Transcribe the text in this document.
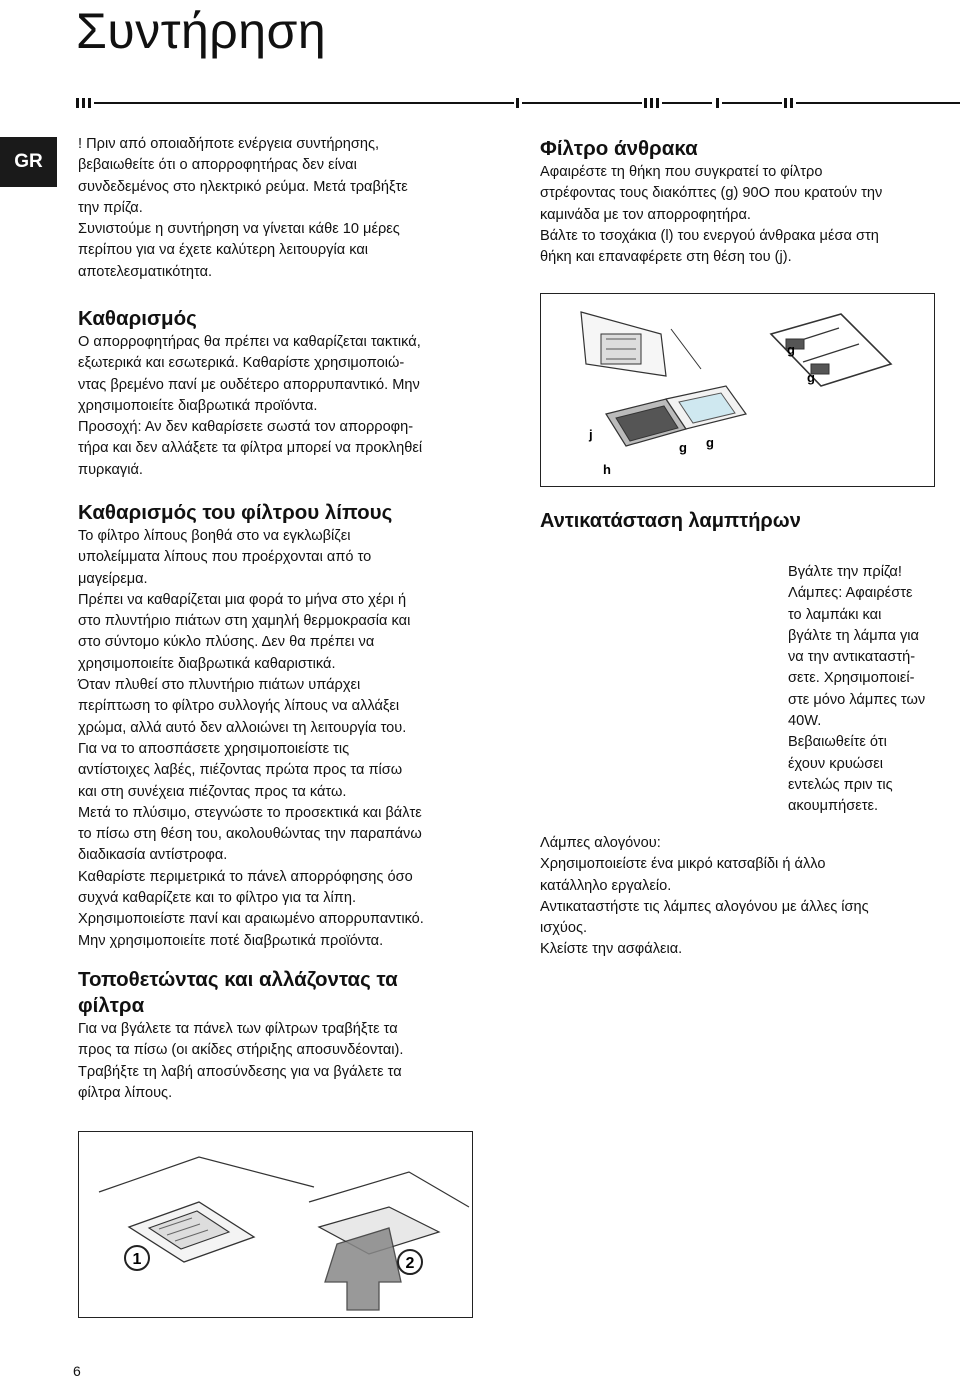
Συντήρηση
GR

! Πριν από οποιαδήποτε ενέργεια συντήρησης,

βεβαιωθείτε ότι ο απορροφητήρας δεν είναι

συνδεδεμένος στο ηλεκτρικό ρεύμα. Μετά τραβήξτε

την πρίζα.

Συνιστούμε η συντήρηση να γίνεται κάθε 10 μέρες

περίπου για να έχετε καλύτερη λειτουργία και

αποτελεσματικότητα.

Καθαρισμός

Ο απορροφητήρας θα πρέπει να καθαρίζεται τακτικά,

εξωτερικά και εσωτερικά. Καθαρίστε χρησιμοποιώ-

ντας βρεμένο πανί με ουδέτερο απορρυπαντικό. Μην

χρησιμοποιείτε διαβρωτικά προϊόντα.

Προσοχή: Αν δεν καθαρίσετε σωστά τον απορροφη-

τήρα και δεν αλλάξετε τα φίλτρα μπορεί να προκληθεί

πυρκαγιά.

Καθαρισμός του φίλτρου λίπους

Το φίλτρο λίπους βοηθά στο να εγκλωβίζει

υπολείμματα λίπους που προέρχονται από το

μαγείρεμα.

Πρέπει να καθαρίζεται μια φορά το μήνα στο χέρι ή

στο πλυντήριο πιάτων στη χαμηλή θερμοκρασία και

στο σύντομο κύκλο πλύσης. Δεν θα πρέπει να

χρησιμοποιείτε διαβρωτικά καθαριστικά.

Όταν πλυθεί στο πλυντήριο πιάτων υπάρχει

περίπτωση το φίλτρο συλλογής λίπους να αλλάξει

χρώμα, αλλά αυτό δεν αλλοιώνει τη λειτουργία του.

Για να το αποσπάσετε χρησιμοποιείστε τις

αντίστοιχες λαβές, πιέζοντας πρώτα προς τα πίσω

και στη συνέχεια πιέζοντας προς τα κάτω.

Μετά το πλύσιμο, στεγνώστε το προσεκτικά και βάλτε

το πίσω στη θέση του, ακολουθώντας την παραπάνω

διαδικασία αντίστροφα.

Καθαρίστε περιμετρικά το πάνελ απορρόφησης όσο

συχνά καθαρίζετε και το φίλτρο για τα λίπη.

Χρησιμοποιείστε πανί και αραιωμένο απορρυπαντικό.

Μην χρησιμοποιείτε ποτέ διαβρωτικά προϊόντα.

Τοποθετώντας και αλλάζοντας τα
φίλτρα

Για να βγάλετε τα πάνελ των φίλτρων τραβήξτε τα

προς τα πίσω (οι ακίδες στήριξης αποσυνδέονται).

Τραβήξτε τη λαβή αποσύνδεσης για να βγάλετε τα

φίλτρα λίπους.

1	2
Φίλτρο άνθρακα

Αφαιρέστε τη θήκη που συγκρατεί το φίλτρο

στρέφοντας τους διακόπτες (g) 90O που κρατούν την

καμινάδα με τον απορροφητήρα.

Βάλτε το τσοχάκια (l) του ενεργού άνθρακα μέσα στη

θήκη και επαναφέρετε στη θέση του (j).

j
h
g g
g
g
Αντικατάσταση λαμπτήρων

Βγάλτε την πρίζα!

Λάμπες: Αφαιρέστε

το λαμπάκι και

βγάλτε τη λάμπα για

να την αντικαταστή-

σετε. Χρησιμοποιεί-

στε μόνο λάμπες των

40W.

Βεβαιωθείτε ότι

έχουν κρυώσει

εντελώς πριν τις

ακουμπήσετε.

Λάμπες αλογόνου:

Χρησιμοποιείστε ένα μικρό κατσαβίδι ή άλλο

κατάλληλο εργαλείο.

Αντικαταστήστε τις λάμπες αλογόνου με άλλες ίσης

ισχύος.

Κλείστε την ασφάλεια.

6
